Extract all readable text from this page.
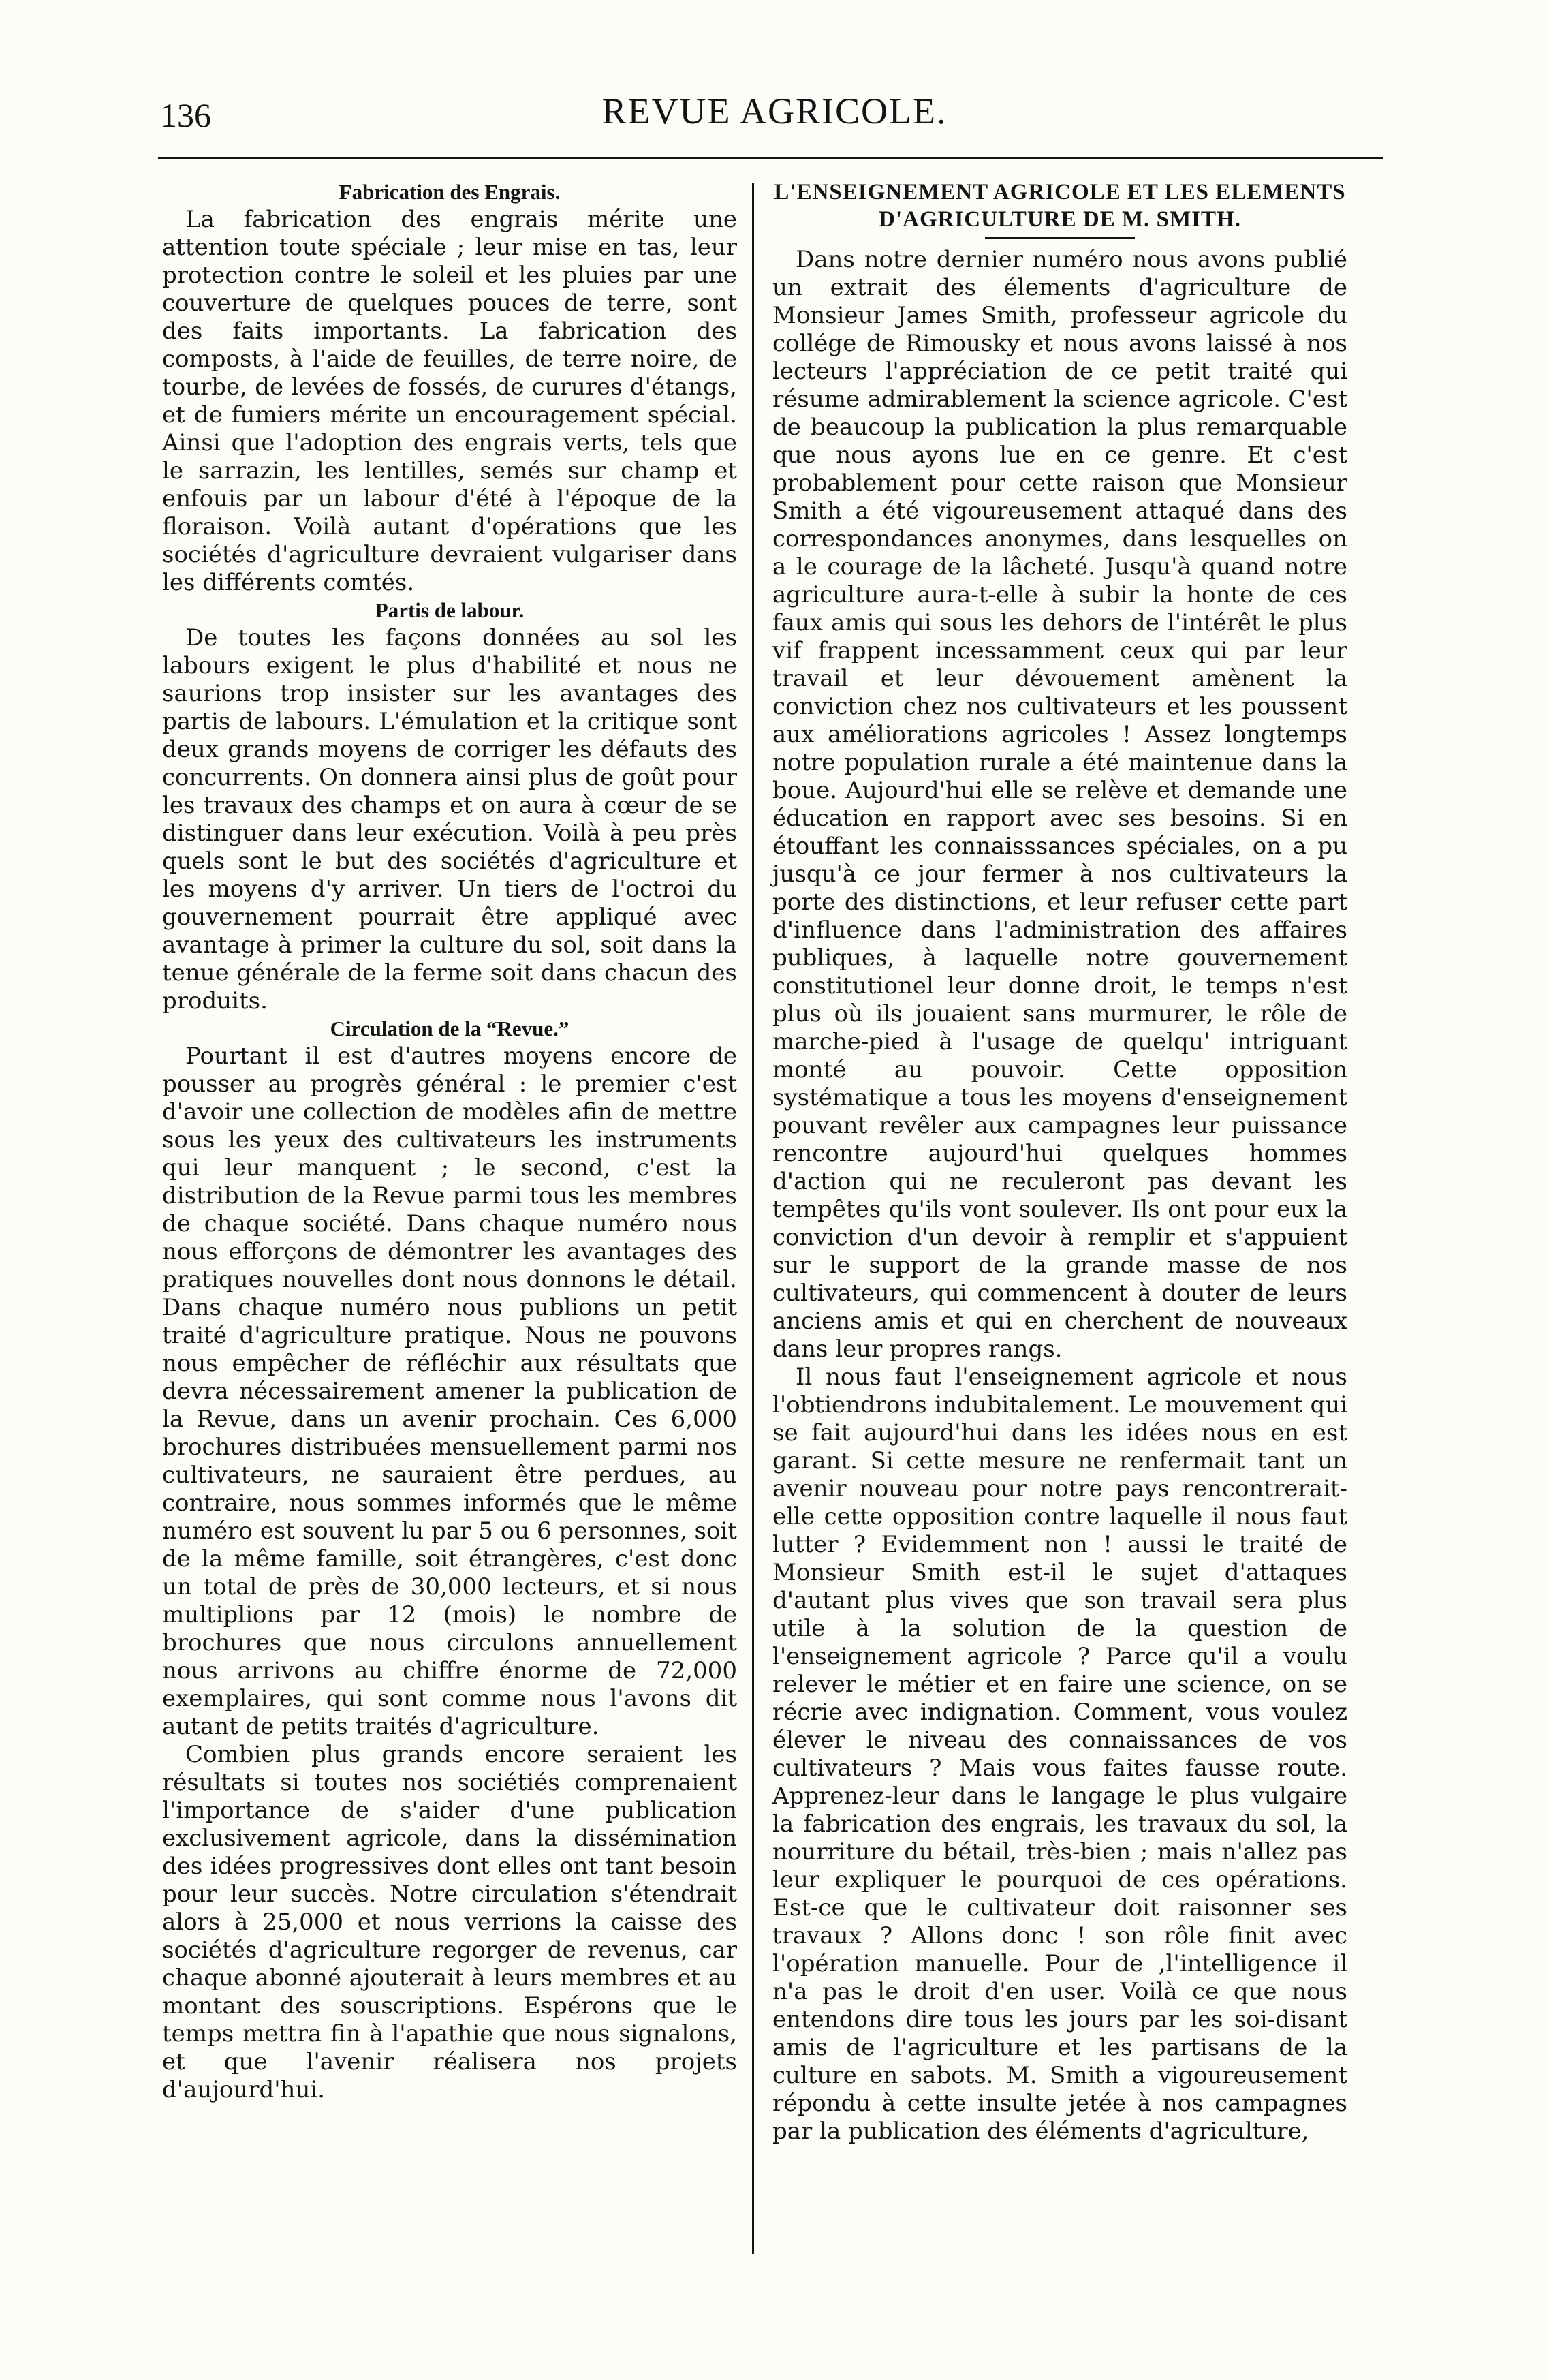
136	REVUE AGRICOLE.
Fabrication des Engrais.

La fabrication des engrais mérite une attention toute spéciale ; leur mise en tas, leur protection contre le soleil et les pluies par une couverture de quelques pouces de terre, sont des faits importants. La fabrication des composts, à l'aide de feuilles, de terre noire, de tourbe, de levées de fossés, de curures d'étangs, et de fumiers mérite un encouragement spécial. Ainsi que l'adoption des engrais verts, tels que le sarrazin, les lentilles, semés sur champ et enfouis par un labour d'été à l'époque de la floraison. Voilà autant d'opérations que les sociétés d'agriculture devraient vulgariser dans les différents comtés.

Partis de labour.

De toutes les façons données au sol les labours exigent le plus d'habilité et nous ne saurions trop insister sur les avantages des partis de labours. L'émulation et la critique sont deux grands moyens de corriger les défauts des concurrents. On donnera ainsi plus de goût pour les travaux des champs et on aura à cœur de se distinguer dans leur exécution. Voilà à peu près quels sont le but des sociétés d'agriculture et les moyens d'y arriver. Un tiers de l'octroi du gouvernement pourrait être appliqué avec avantage à primer la culture du sol, soit dans la tenue générale de la ferme soit dans chacun des produits.

Circulation de la “Revue.”

Pourtant il est d'autres moyens encore de pousser au progrès général : le premier c'est d'avoir une collection de modèles afin de mettre sous les yeux des cultivateurs les instruments qui leur manquent ; le second, c'est la distribution de la Revue parmi tous les membres de chaque société. Dans chaque numéro nous nous efforçons de démontrer les avantages des pratiques nouvelles dont nous donnons le détail. Dans chaque numéro nous publions un petit traité d'agriculture pratique. Nous ne pouvons nous empêcher de réfléchir aux résultats que devra nécessairement amener la publication de la Revue, dans un avenir prochain. Ces 6,000 brochures distribuées mensuellement parmi nos cultivateurs, ne sauraient être perdues, au contraire, nous sommes informés que le même numéro est souvent lu par 5 ou 6 personnes, soit de la même famille, soit étrangères, c'est donc un total de près de 30,000 lecteurs, et si nous multiplions par 12 (mois) le nombre de brochures que nous circulons annuellement nous arrivons au chiffre énorme de 72,000 exemplaires, qui sont comme nous l'avons dit autant de petits traités d'agriculture.

Combien plus grands encore seraient les résultats si toutes nos sociétiés comprenaient l'importance de s'aider d'une publication exclusivement agricole, dans la dissémination des idées progressives dont elles ont tant besoin pour leur succès. Notre circulation s'étendrait alors à 25,000 et nous verrions la caisse des sociétés d'agriculture regorger de revenus, car chaque abonné ajouterait à leurs membres et au montant des souscriptions. Espérons que le temps mettra fin à l'apathie que nous signalons, et que l'avenir réalisera nos projets d'aujourd'hui.

L'ENSEIGNEMENT AGRICOLE ET LES ELEMENTS D'AGRICULTURE DE M. SMITH.

Dans notre dernier numéro nous avons publié un extrait des élements d'agriculture de Monsieur James Smith, professeur agricole du collége de Rimousky et nous avons laissé à nos lecteurs l'appréciation de ce petit traité qui résume admirablement la science agricole. C'est de beaucoup la publication la plus remarquable que nous ayons lue en ce genre. Et c'est probablement pour cette raison que Monsieur Smith a été vigoureusement attaqué dans des correspondances anonymes, dans lesquelles on a le courage de la lâcheté. Jusqu'à quand notre agriculture aura-t-elle à subir la honte de ces faux amis qui sous les dehors de l'intérêt le plus vif frappent incessamment ceux qui par leur travail et leur dévouement amènent la conviction chez nos cultivateurs et les poussent aux améliorations agricoles ! Assez longtemps notre population rurale a été maintenue dans la boue. Aujourd'hui elle se relève et demande une éducation en rapport avec ses besoins. Si en étouffant les connaisssances spéciales, on a pu jusqu'à ce jour fermer à nos cultivateurs la porte des distinctions, et leur refuser cette part d'influence dans l'administration des affaires publiques, à laquelle notre gouvernement constitutionel leur donne droit, le temps n'est plus où ils jouaient sans murmurer, le rôle de marche-pied à l'usage de quelqu' intriguant monté au pouvoir. Cette opposition systématique a tous les moyens d'enseignement pouvant revêler aux campagnes leur puissance rencontre aujourd'hui quelques hommes d'action qui ne reculeront pas devant les tempêtes qu'ils vont soulever. Ils ont pour eux la conviction d'un devoir à remplir et s'appuient sur le support de la grande masse de nos cultivateurs, qui commencent à douter de leurs anciens amis et qui en cherchent de nouveaux dans leur propres rangs.

Il nous faut l'enseignement agricole et nous l'obtiendrons indubitalement. Le mouvement qui se fait aujourd'hui dans les idées nous en est garant. Si cette mesure ne renfermait tant un avenir nouveau pour notre pays rencontrerait-elle cette opposition contre laquelle il nous faut lutter ? Evidemment non ! aussi le traité de Monsieur Smith est-il le sujet d'attaques d'autant plus vives que son travail sera plus utile à la solution de la question de l'enseignement agricole ? Parce qu'il a voulu relever le métier et en faire une science, on se récrie avec indignation. Comment, vous voulez élever le niveau des connaissances de vos cultivateurs ? Mais vous faites fausse route. Apprenez-leur dans le langage le plus vulgaire la fabrication des engrais, les travaux du sol, la nourriture du bétail, très-bien ; mais n'allez pas leur expliquer le pourquoi de ces opérations. Est-ce que le cultivateur doit raisonner ses travaux ? Allons donc ! son rôle finit avec l'opération manuelle. Pour de ,l'intelligence il n'a pas le droit d'en user. Voilà ce que nous entendons dire tous les jours par les soi-disant amis de l'agriculture et les partisans de la culture en sabots. M. Smith a vigoureusement répondu à cette insulte jetée à nos campagnes par la publication des éléments d'agriculture,
